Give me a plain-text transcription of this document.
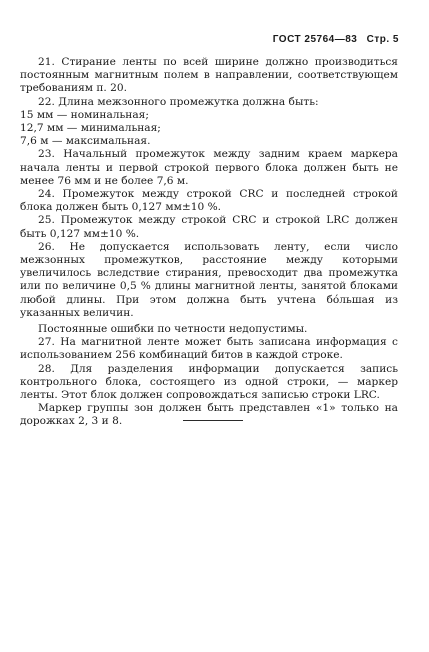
ГОСТ 25764—83 Стр. 5

21. Стирание ленты по всей ширине должно производиться постоянным магнитным полем в направлении, соответствующем требованиям п. 20.

22. Длина межзонного промежутка должна быть:

15 мм — номинальная;

12,7 мм — минимальная;

7,6 м — максимальная.

23. Начальный промежуток между задним краем маркера начала ленты и первой строкой первого блока должен быть не менее 76 мм и не более 7,6 м.

24. Промежуток между строкой CRC и последней строкой блока должен быть 0,127 мм±10 %.

25. Промежуток между строкой CRC и строкой LRC должен быть 0,127 мм±10 %.

26. Не допускается использовать ленту, если число межзонных промежутков, расстояние между которыми увеличилось вследствие стирания, превосходит два промежутка или по величине 0,5 % длины магнитной ленты, занятой блоками любой длины. При этом должна быть учтена бо́льшая из указанных величин.

Постоянные ошибки по четности недопустимы.

27. На магнитной ленте может быть записана информация с использованием 256 комбинаций битов в каждой строке.

28. Для разделения информации допускается запись контрольного блока, состоящего из одной строки, — маркер ленты. Этот блок должен сопровождаться записью строки LRC.

Маркер группы зон должен быть представлен «1» только на дорожках 2, 3 и 8.
